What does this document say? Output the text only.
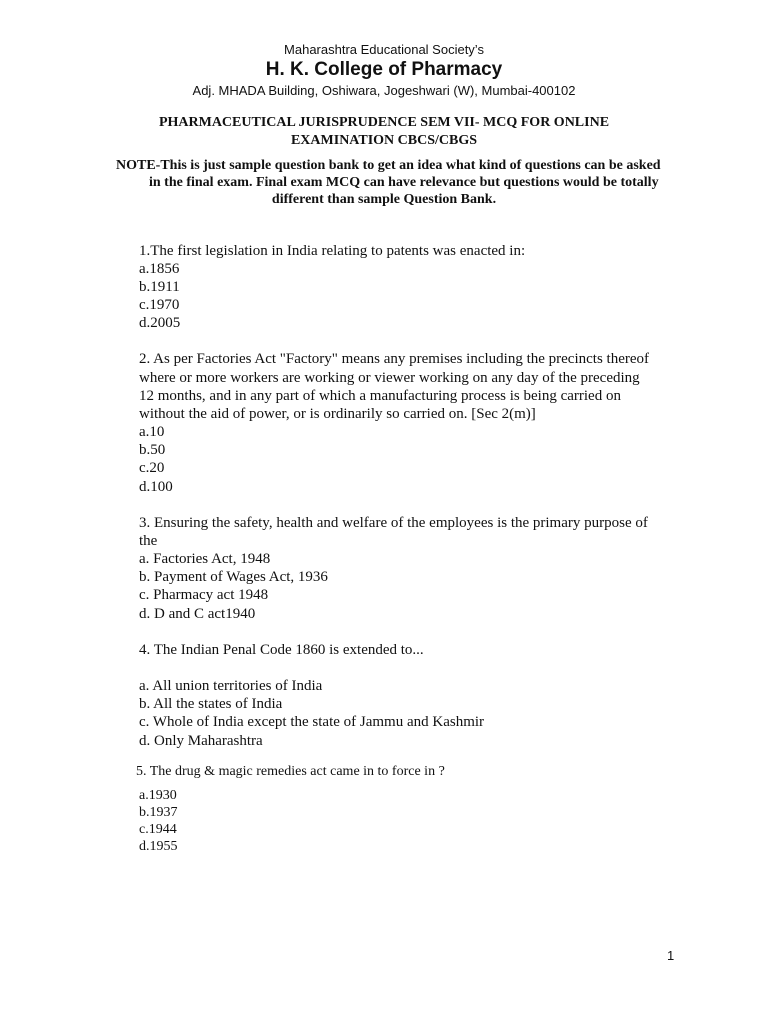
Maharashtra Educational Society’s
H. K. College of Pharmacy
Adj. MHADA Building, Oshiwara, Jogeshwari (W), Mumbai-400102
PHARMACEUTICAL JURISPRUDENCE SEM VII- MCQ FOR ONLINE
EXAMINATION CBCS/CBGS
NOTE-This is just sample question bank to get an idea what kind of questions can be asked
in the final exam. Final exam MCQ can have relevance but questions would be totally
different than sample Question Bank.
1.The first legislation in India relating to patents was enacted in:
a.1856
b.1911
c.1970
d.2005
2. As per Factories Act "Factory" means any premises including the precincts thereof
where or more workers are working or viewer working on any day of the preceding
12 months, and in any part of which a manufacturing process is being carried on
without the aid of power, or is ordinarily so carried on. [Sec 2(m)]
a.10
b.50
c.20
d.100
3. Ensuring the safety, health and welfare of the employees is the primary purpose of
the
a. Factories Act, 1948
b. Payment of Wages Act, 1936
c. Pharmacy act 1948
d. D and C act1940
4. The Indian Penal Code 1860 is extended to...
a. All union territories of India
b. All the states of India
c. Whole of India except the state of Jammu and Kashmir
d. Only Maharashtra
5. The drug & magic remedies act came in to force in ?
a.1930
b.1937
c.1944
d.1955
1
